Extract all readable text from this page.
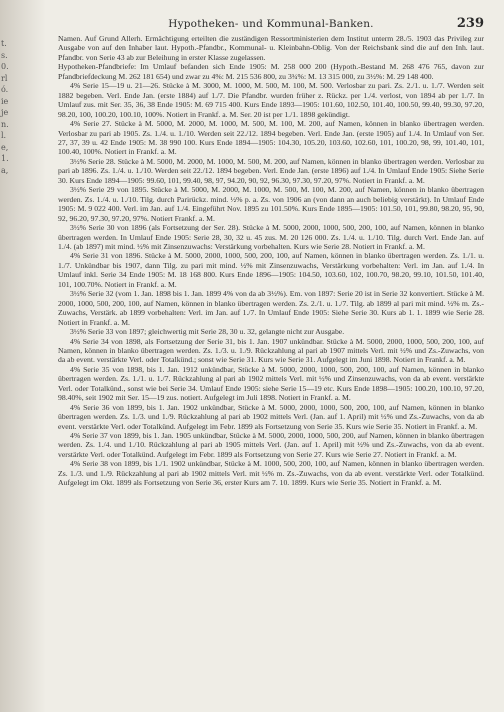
t.
s.
0.
rl
ó.
ie
je
n.
l.
e,
1.
a,
Hypotheken- und Kommunal-Banken.	239

Namen. Auf Grund Allerh. Ermächtigung erteilten die zuständigen Ressortministerien dem Institut unterm 28./5. 1903 das Privileg zur Ausgabe von auf den Inhaber laut. Hypoth.-Pfandbr., Kommunal- u. Kleinbahn-Oblig. Von der Reichsbank sind die auf den Inh. laut. Pfandbr. von Serie 43 ab zur Beleihung in erster Klasse zugelassen.

Hypotheken-Pfandbriefe: Im Umlauf befanden sich Ende 1905: M. 258 000 200 (Hypoth.-Bestand M. 268 476 765, davon zur Pfandbriefdeckung M. 262 181 654) und zwar zu 4%: M. 215 536 800, zu 3¾%: M. 13 315 000, zu 3½%: M. 29 148 400.

4% Serie 15—19 u. 21—26. Stücke à M. 3000, M. 1000, M. 500, M. 100, M. 500. Verlosbar zu pari. Zs. 2./1. u. 1./7. Werden seit 1882 begeben. Verl. Ende Jan. (erste 1884) auf 1./7. Die Pfandbr. wurden früher z. Rückz. per 1./4. verlost, von 1894 ab per 1./7. In Umlauf zus. mit Ser. 35, 36, 38 Ende 1905: M. 69 715 400. Kurs Ende 1893—1905: 101.60, 102.50, 101.40, 100.50, 99.40, 99.30, 97.20, 98.20, 100, 100.20, 100.10, 100%. Notiert in Frankf. a. M. Ser. 20 ist per 1./1. 1898 gekündigt.

4% Serie 27. Stücke à M. 5000, M. 2000, M. 1000, M. 500, M. 100, M. 200, auf Namen, können in blanko übertragen werden. Verlosbar zu pari ab 1905. Zs. 1./4. u. 1./10. Werden seit 22./12. 1894 begeben. Verl. Ende Jan. (erste 1905) auf 1./4. In Umlauf von Ser. 27, 37, 39 u. 42 Ende 1905: M. 38 990 100. Kurs Ende 1894—1905: 104.30, 105.20, 103.60, 102.60, 101, 100.20, 98, 99, 101.40, 101, 100.40, 100%. Notiert in Frankf. a. M.

3½% Serie 28. Stücke à M. 5000, M. 2000, M. 1000, M. 500, M. 200, auf Namen, können in blanko übertragen werden. Verlosbar zu pari ab 1896. Zs. 1./4. u. 1./10. Werden seit 22./12. 1894 begeben. Verl. Ende Jan. (erste 1896) auf 1./4. In Umlauf Ende 1905: Siehe Serie 30. Kurs Ende 1894—1905: 99.60, 101, 99.40, 98, 97, 94.20, 90, 92, 96.30, 97.30, 97.20, 97%. Notiert in Frankf. a. M.

3½% Serie 29 von 1895. Stücke à M. 5000, M. 2000, M. 1000, M. 500, M. 100, M. 200, auf Namen, können in blanko übertragen werden. Zs. 1./4. u. 1./10. Tilg. durch Parirückz. mind. ½% p. a. Zs. von 1906 an (von dann an auch beliebig verstärkt). In Umlauf Ende 1905: M. 9 022 400. Verl. im Jan. auf 1./4. Eingeführt Nov. 1895 zu 101.50%. Kurs Ende 1895—1905: 101.50, 101, 99.80, 98.20, 95, 90, 92, 96.20, 97.30, 97.20, 97%. Notiert Frankf. a. M.

3½% Serie 30 von 1896 (als Fortsetzung der Ser. 28). Stücke à M. 5000, 2000, 1000, 500, 200, 100, auf Namen, können in blanko übertragen werden. In Umlauf Ende 1905: Serie 28, 30, 32 u. 45 zus. M. 20 126 000. Zs. 1./4. u. 1./10. Tilg. durch Verl. Ende Jan. auf 1./4. (ab 1897) mit mind. ½% mit Zinsenzuwachs: Verstärkung vorbehalten. Kurs wie Serie 28. Notiert in Frankf. a. M.

4% Serie 31 von 1896. Stücke à M. 5000, 2000, 1000, 500, 200, 100, auf Namen, können in blanko übertragen werden. Zs. 1./1. u. 1./7. Unkündbar bis 1907, dann Tilg. zu pari mit mind. ½% mit Zinsenzuwachs, Verstärkung vorbehalten: Verl. im Jan. auf 1./4. In Umlauf inkl. Serie 34 Ende 1905: M. 18 168 800. Kurs Ende 1896—1905: 104.50, 103.60, 102, 100.70, 98.20, 99.10, 101.50, 101.40, 101, 100.70%. Notiert in Frankf. a. M.

3½% Serie 32 (vom 1. Jan. 1898 bis 1. Jan. 1899 4% von da ab 3½%). Em. von 1897: Serie 20 ist in Serie 32 konvertiert. Stücke à M. 2000, 1000, 500, 200, 100, auf Namen, können in blanko übertragen werden. Zs. 2./1. u. 1./7. Tilg. ab 1899 al pari mit mind. ½% m. Zs.-Zuwachs, Verstärk. ab 1899 vorbehalten: Verl. im Jan. auf 1./7. In Umlauf Ende 1905: Siehe Serie 30. Kurs ab 1. 1. 1899 wie Serie 28. Notiert in Frankf. a. M.

3½% Serie 33 von 1897; gleichwertig mit Serie 28, 30 u. 32, gelangte nicht zur Ausgabe.

4% Serie 34 von 1898, als Fortsetzung der Serie 31, bis 1. Jan. 1907 unkündbar. Stücke à M. 5000, 2000, 1000, 500, 200, 100, auf Namen, können in blanko übertragen werden. Zs. 1./3. u. 1./9. Rückzahlung al pari ab 1907 mittels Verl. mit ½% und Zs.-Zuwachs, von da ab event. verstärkte Verl. oder Totalkünd.; sonst wie Serie 31. Kurs wie Serie 31. Aufgelegt im Juni 1898. Notiert in Frankf. a. M.

4% Serie 35 von 1898, bis 1. Jan. 1912 unkündbar, Stücke à M. 5000, 2000, 1000, 500, 200, 100, auf Namen, können in blanko übertragen werden. Zs. 1./1. u. 1./7. Rückzahlung al pari ab 1902 mittels Verl. mit ½% und Zinsenzuwachs, von da ab event. verstärkte Verl. oder Totalkünd., sonst wie bei Serie 34. Umlauf Ende 1905: siehe Serie 15—19 etc. Kurs Ende 1898—1905: 100.20, 100.10, 97.20, 98.40%, seit 1902 mit Ser. 15—19 zus. notiert. Aufgelegt im Juli 1898. Notiert in Frankf. a. M.

4% Serie 36 von 1899, bis 1. Jan. 1902 unkündbar, Stücke à M. 5000, 2000, 1000, 500, 200, 100, auf Namen, können in blanko übertragen werden. Zs. 1./3. und 1./9. Rückzahlung al pari ab 1902 mittels Verl. (Jan. auf 1. April) mit ½% und Zs.-Zuwachs, von da ab event. verstärkte Verl. oder Totalkünd. Aufgelegt im Febr. 1899 als Fortsetzung von Serie 35. Kurs wie Serie 35. Notiert in Frankf. a. M.

4% Serie 37 von 1899, bis 1. Jan. 1905 unkündbar, Stücke à M. 5000, 2000, 1000, 500, 200, auf Namen, können in blanko übertragen werden. Zs. 1./4. und 1./10. Rückzahlung al pari ab 1905 mittels Verl. (Jan. auf 1. April) mit ½% und Zs.-Zuwachs, von da ab event. verstärkte Verl. oder Totalkünd. Aufgelegt im Febr. 1899 als Fortsetzung von Serie 27. Kurs wie Serie 27. Notiert in Frankf. a. M.

4% Serie 38 von 1899, bis 1./1. 1902 unkündbar, Stücke à M. 1000, 500, 200, 100, auf Namen, können in blanko übertragen werden. Zs. 1./3. und 1./9. Rückzahlung al pari ab 1902 mittels Verl. mit ½% m. Zs.-Zuwachs, von da ab event. verstärkte Verl. oder Totalkünd. Aufgelegt im Okt. 1899 als Fortsetzung von Serie 36, erster Kurs am 7. 10. 1899. Kurs wie Serie 35. Notiert in Frankf. a. M.
